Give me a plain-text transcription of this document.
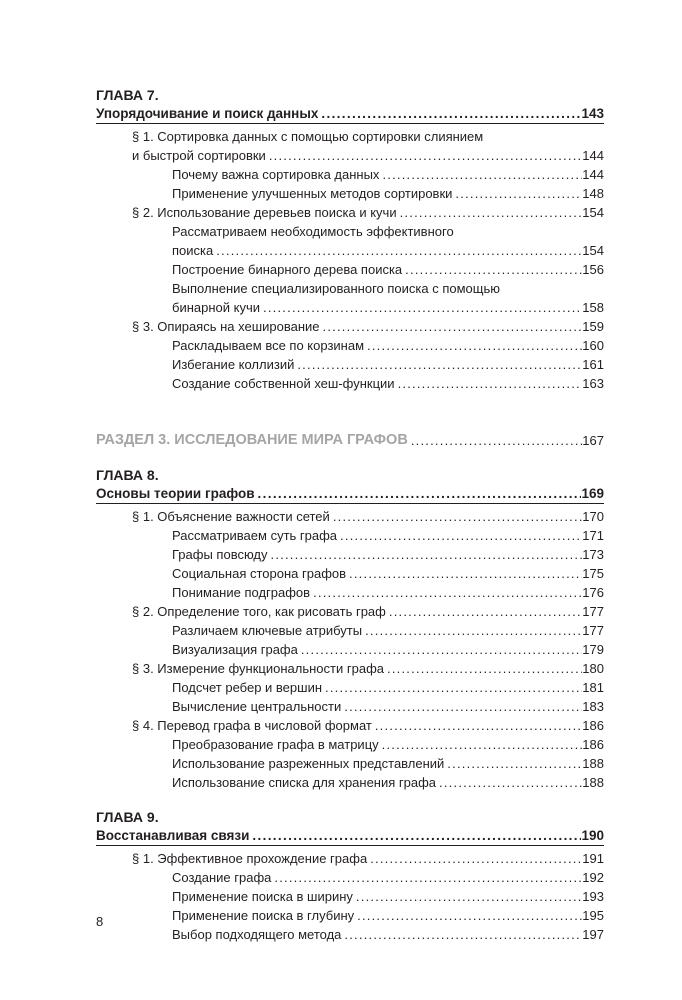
ГЛАВА 7.
Упорядочивание и поиск данных . . .	143
§ 1. Сортировка данных с помощью сортировки слиянием
и быстрой сортировки . . .	144
Почему важна сортировка данных . . .	144
Применение улучшенных методов сортировки . . .	148
§ 2. Использование деревьев поиска и кучи . . .	154
Рассматриваем необходимость эффективного
поиска . . .	154
Построение бинарного дерева поиска . . .	156
Выполнение специализированного поиска с помощью
бинарной кучи . . .	158
§ 3. Опираясь на хеширование . . .	159
Раскладываем все по корзинам . . .	160
Избегание коллизий . . .	161
Создание собственной хеш-функции . . .	163
РАЗДЕЛ 3. ИССЛЕДОВАНИЕ МИРА ГРАФОВ . . .	167
ГЛАВА 8.
Основы теории графов . . .	169
§ 1. Объяснение важности сетей . . .	170
Рассматриваем суть графа . . .	171
Графы повсюду . . .	173
Социальная сторона графов . . .	175
Понимание подграфов . . .	176
§ 2. Определение того, как рисовать граф . . .	177
Различаем ключевые атрибуты . . .	177
Визуализация графа . . .	179
§ 3. Измерение функциональности графа . . .	180
Подсчет ребер и вершин . . .	181
Вычисление центральности . . .	183
§ 4. Перевод графа в числовой формат . . .	186
Преобразование графа в матрицу . . .	186
Использование разреженных представлений . . .	188
Использование списка для хранения графа . . .	188
ГЛАВА 9.
Восстанавливая связи . . .	190
§ 1. Эффективное прохождение графа . . .	191
Создание графа . . .	192
Применение поиска в ширину . . .	193
Применение поиска в глубину . . .	195
Выбор подходящего метода . . .	197
8
